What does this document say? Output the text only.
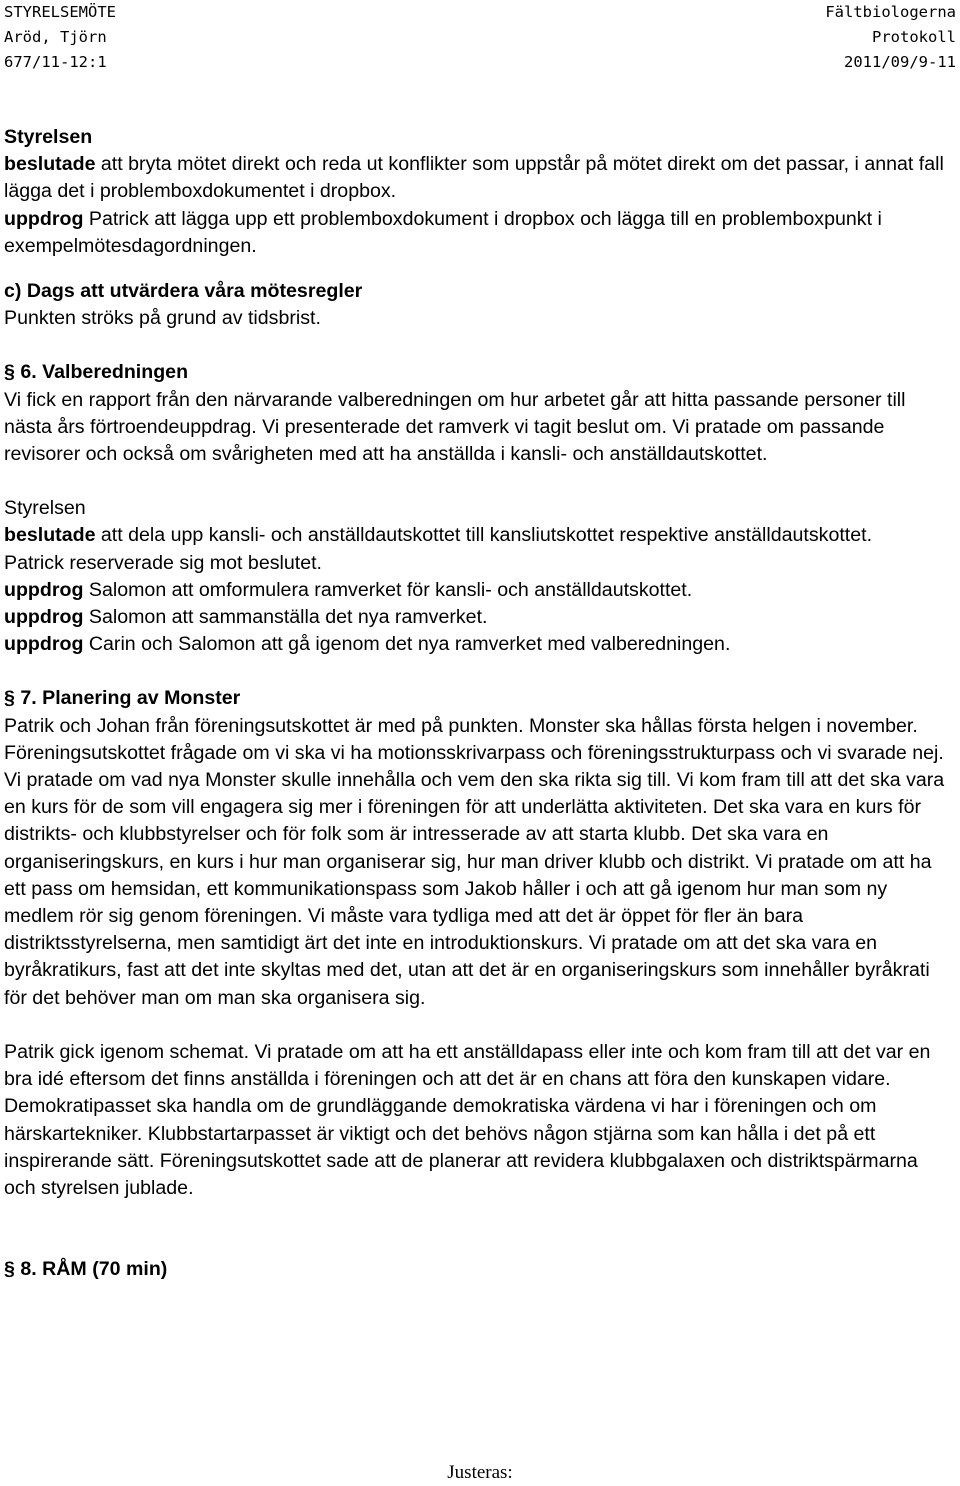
STYRELSEMÖTE	Fältbiologerna
Aröd, Tjörn	Protokoll
677/11-12:1	2011/09/9-11

Styrelsen

beslutade att bryta mötet direkt och reda ut konflikter som uppstår på mötet direkt om det passar, i annat fall lägga det i problemboxdokumentet i dropbox.

uppdrog Patrick att lägga upp ett problemboxdokument i dropbox och lägga till en problemboxpunkt i exempelmötesdagordningen.

c) Dags att utvärdera våra mötesregler

Punkten ströks på grund av tidsbrist.

§ 6. Valberedningen

Vi fick en rapport från den närvarande valberedningen om hur arbetet går att hitta passande personer till nästa års förtroendeuppdrag. Vi presenterade det ramverk vi tagit beslut om. Vi pratade om passande revisorer och också om svårigheten med att ha anställda i kansli- och anställdautskottet.

Styrelsen

beslutade att dela upp kansli- och anställdautskottet till kansliutskottet respektive anställdautskottet.

Patrick reserverade sig mot beslutet.

uppdrog Salomon att omformulera ramverket för kansli- och anställdautskottet.

uppdrog Salomon att sammanställa det nya ramverket.

uppdrog Carin och Salomon att gå igenom det nya ramverket med valberedningen.

§ 7. Planering av Monster

Patrik och Johan från föreningsutskottet är med på punkten. Monster ska hållas första helgen i november. Föreningsutskottet frågade om vi ska vi ha motionsskrivarpass och föreningsstrukturpass och vi svarade nej. Vi pratade om vad nya Monster skulle innehålla och vem den ska rikta sig till. Vi kom fram till att det ska vara en kurs för de som vill engagera sig mer i föreningen för att underlätta aktiviteten. Det ska vara en kurs för distrikts- och klubbstyrelser och för folk som är intresserade av att starta klubb. Det ska vara en organiseringskurs, en kurs i hur man organiserar sig, hur man driver klubb och distrikt. Vi pratade om att ha ett pass om hemsidan, ett kommunikationspass som Jakob håller i och att gå igenom hur man som ny medlem rör sig genom föreningen. Vi måste vara tydliga med att det är öppet för fler än bara distriktsstyrelserna, men samtidigt ärt det inte en introduktionskurs. Vi pratade om att det ska vara en byråkratikurs, fast att det inte skyltas med det, utan att det är en organiseringskurs som innehåller byråkrati för det behöver man om man ska organisera sig.

Patrik gick igenom schemat. Vi pratade om att ha ett anställdapass eller inte och kom fram till att det var en bra idé eftersom det finns anställda i föreningen och att det är en chans att föra den kunskapen vidare. Demokratipasset ska handla om de grundläggande demokratiska värdena vi har i föreningen och om härskartekniker. Klubbstartarpasset är viktigt och det behövs någon stjärna som kan hålla i det på ett inspirerande sätt. Föreningsutskottet sade att de planerar att revidera klubbgalaxen och distriktspärmarna och styrelsen jublade.

§ 8. RÅM (70 min)

Justeras:
